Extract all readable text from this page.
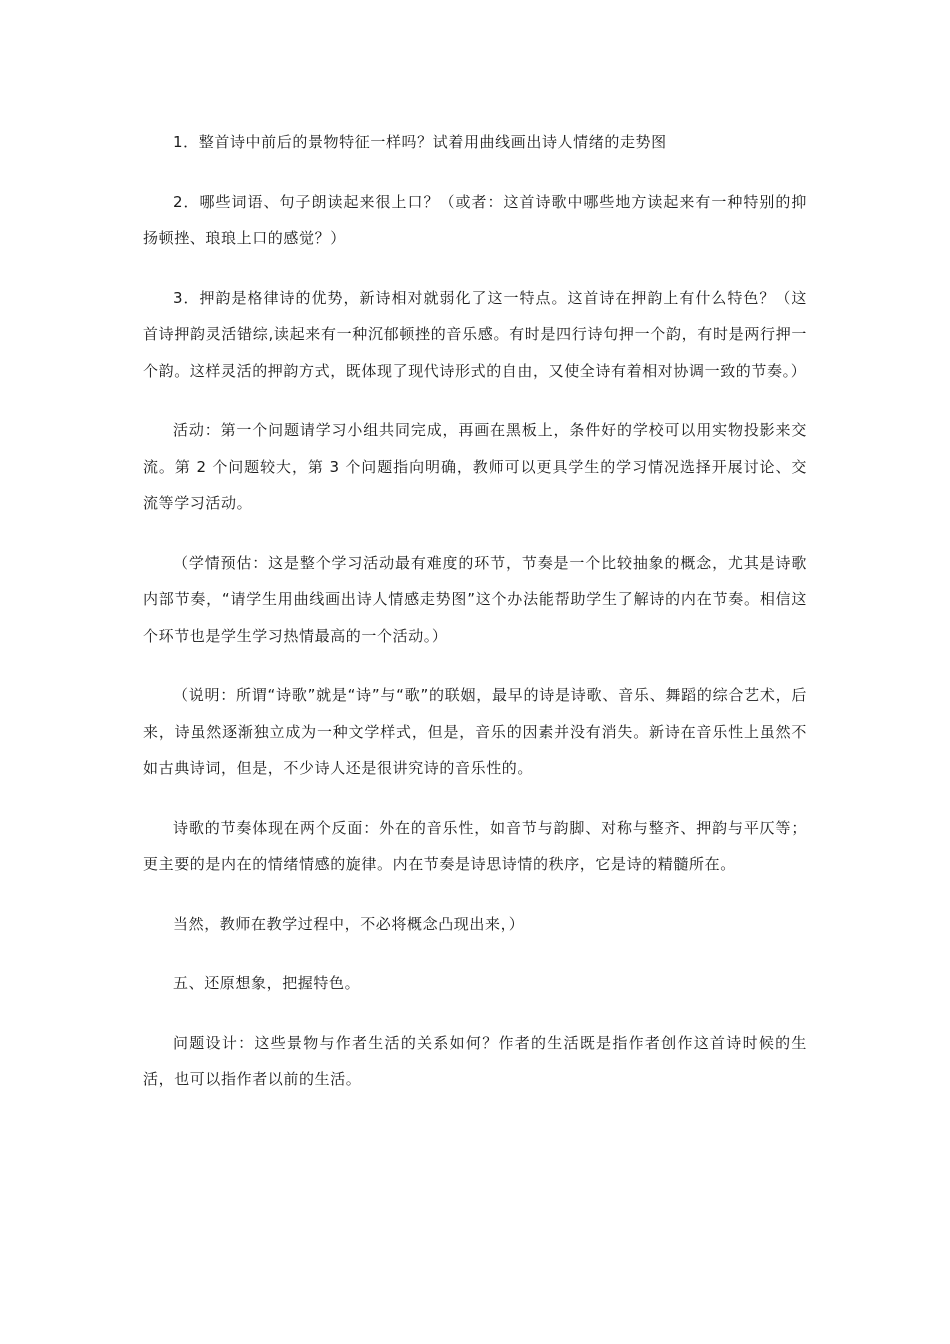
1．整首诗中前后的景物特征一样吗？试着用曲线画出诗人情绪的走势图

2．哪些词语、句子朗读起来很上口？（或者：这首诗歌中哪些地方读起来有一种特别的抑扬顿挫、琅琅上口的感觉？）

3．押韵是格律诗的优势，新诗相对就弱化了这一特点。这首诗在押韵上有什么特色？（这首诗押韵灵活错综,读起来有一种沉郁顿挫的音乐感。有时是四行诗句押一个韵，有时是两行押一个韵。这样灵活的押韵方式，既体现了现代诗形式的自由，又使全诗有着相对协调一致的节奏。）

活动：第一个问题请学习小组共同完成，再画在黑板上，条件好的学校可以用实物投影来交流。第 2 个问题较大，第 3 个问题指向明确，教师可以更具学生的学习情况选择开展讨论、交流等学习活动。

（学情预估：这是整个学习活动最有难度的环节，节奏是一个比较抽象的概念，尤其是诗歌内部节奏，“请学生用曲线画出诗人情感走势图”这个办法能帮助学生了解诗的内在节奏。相信这个环节也是学生学习热情最高的一个活动。）

（说明：所谓“诗歌”就是“诗”与“歌”的联姻，最早的诗是诗歌、音乐、舞蹈的综合艺术，后来，诗虽然逐渐独立成为一种文学样式，但是，音乐的因素并没有消失。新诗在音乐性上虽然不如古典诗词，但是，不少诗人还是很讲究诗的音乐性的。

诗歌的节奏体现在两个反面：外在的音乐性，如音节与韵脚、对称与整齐、押韵与平仄等；更主要的是内在的情绪情感的旋律。内在节奏是诗思诗情的秩序，它是诗的精髓所在。

当然，教师在教学过程中，不必将概念凸现出来，）

五、还原想象，把握特色。

问题设计：这些景物与作者生活的关系如何？作者的生活既是指作者创作这首诗时候的生活，也可以指作者以前的生活。
